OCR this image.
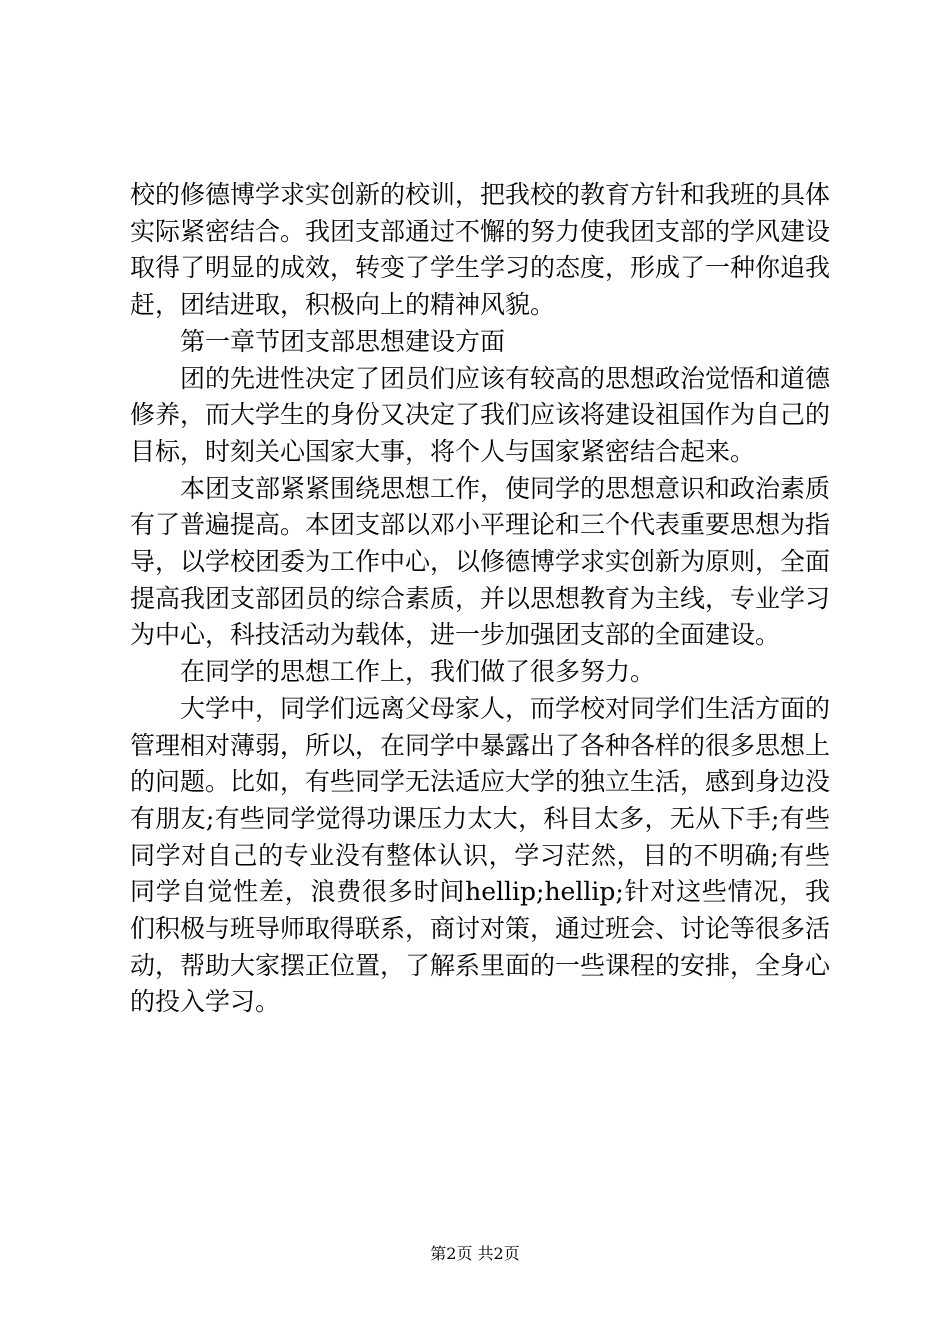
校的修德博学求实创新的校训，把我校的教育方针和我班的具体实际紧密结合。我团支部通过不懈的努力使我团支部的学风建设取得了明显的成效，转变了学生学习的态度，形成了一种你追我赶，团结进取，积极向上的精神风貌。

第一章节团支部思想建设方面

团的先进性决定了团员们应该有较高的思想政治觉悟和道德修养，而大学生的身份又决定了我们应该将建设祖国作为自己的目标，时刻关心国家大事，将个人与国家紧密结合起来。

本团支部紧紧围绕思想工作，使同学的思想意识和政治素质有了普遍提高。本团支部以邓小平理论和三个代表重要思想为指导，以学校团委为工作中心，以修德博学求实创新为原则，全面提高我团支部团员的综合素质，并以思想教育为主线，专业学习为中心，科技活动为载体，进一步加强团支部的全面建设。

在同学的思想工作上，我们做了很多努力。

大学中，同学们远离父母家人，而学校对同学们生活方面的管理相对薄弱，所以，在同学中暴露出了各种各样的很多思想上的问题。比如，有些同学无法适应大学的独立生活，感到身边没有朋友;有些同学觉得功课压力太大，科目太多，无从下手;有些同学对自己的专业没有整体认识，学习茫然，目的不明确;有些同学自觉性差，浪费很多时间hellip;hellip;针对这些情况，我们积极与班导师取得联系，商讨对策，通过班会、讨论等很多活动，帮助大家摆正位置，了解系里面的一些课程的安排，全身心的投入学习。

第2页 共2页
